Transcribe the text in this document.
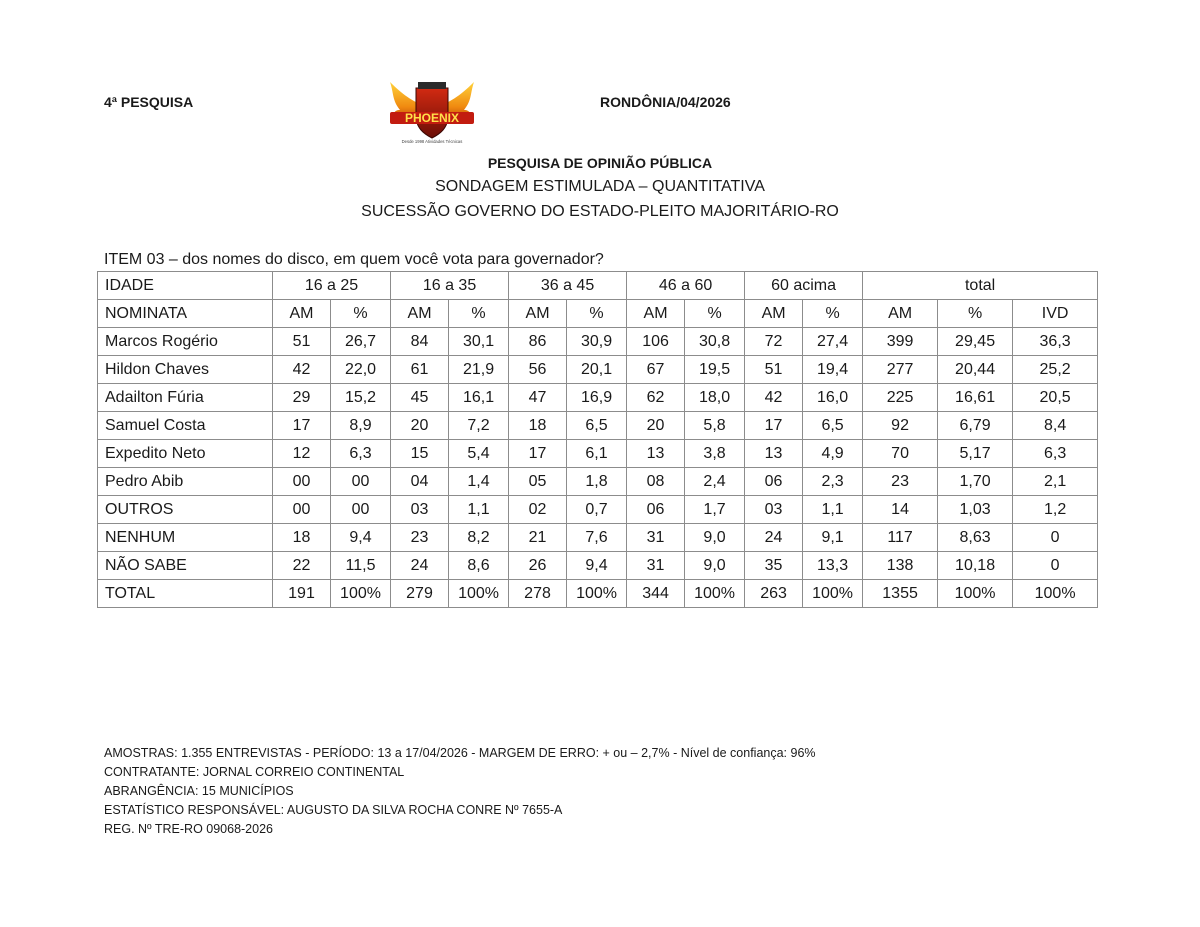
4ª PESQUISA
PHOENIX
Desde 1998 Atividades Técnicas
RONDÔNIA/04/2026
PESQUISA DE OPINIÃO PÚBLICA
SONDAGEM ESTIMULADA – QUANTITATIVA
SUCESSÃO GOVERNO DO ESTADO-PLEITO MAJORITÁRIO-RO
ITEM 03 – dos nomes do disco, em quem você vota para governador?
IDADE	16 a 25		16 a 35		36 a 45		46 a 60		60 acima		total		
NOMINATA	AM	%	AM	%	AM	%	AM	%	AM	%	AM	%	IVD
Marcos Rogério	51	26,7	84	30,1	86	30,9	106	30,8	72	27,4	399	29,45	36,3
Hildon Chaves	42	22,0	61	21,9	56	20,1	67	19,5	51	19,4	277	20,44	25,2
Adailton Fúria	29	15,2	45	16,1	47	16,9	62	18,0	42	16,0	225	16,61	20,5
Samuel Costa	17	8,9	20	7,2	18	6,5	20	5,8	17	6,5	92	6,79	8,4
Expedito Neto	12	6,3	15	5,4	17	6,1	13	3,8	13	4,9	70	5,17	6,3
Pedro Abib	00	00	04	1,4	05	1,8	08	2,4	06	2,3	23	1,70	2,1
OUTROS	00	00	03	1,1	02	0,7	06	1,7	03	1,1	14	1,03	1,2
NENHUM	18	9,4	23	8,2	21	7,6	31	9,0	24	9,1	117	8,63	0
NÃO SABE	22	11,5	24	8,6	26	9,4	31	9,0	35	13,3	138	10,18	0
TOTAL	191	100%	279	100%	278	100%	344	100%	263	100%	1355	100%	100%
AMOSTRAS: 1.355 ENTREVISTAS - PERÍODO: 13 a 17/04/2026 - MARGEM DE ERRO: + ou – 2,7% - Nível de confiança: 96%
CONTRATANTE: JORNAL CORREIO CONTINENTAL
ABRANGÊNCIA: 15 MUNICÍPIOS
ESTATÍSTICO RESPONSÁVEL: AUGUSTO DA SILVA ROCHA CONRE Nº 7655-A
REG. Nº TRE-RO 09068-2026
